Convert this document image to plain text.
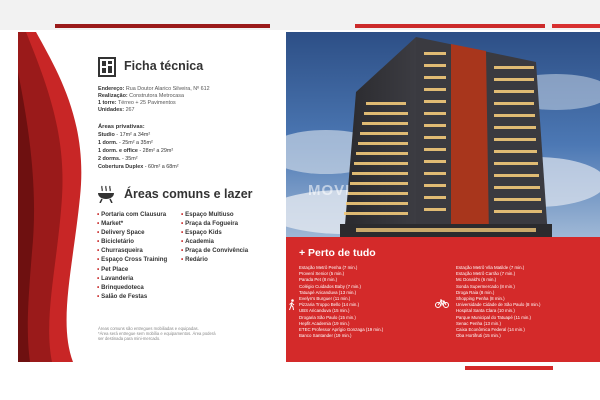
Ficha técnica
Endereço: Rua Doutor Alarico Silveira, Nº 612
Realização: Construtora Metrocasa
1 torre: Térreo + 25 Pavimentos
Unidades: 267
Áreas privativas:
Studio - 17m² a 34m²
1 dorm. - 25m² a 35m²
1 dorm. e office - 28m² a 29m²
2 dorms. - 35m²
Cobertura Duplex - 60m² a 68m²
Áreas comuns e lazer
• Portaria com Clausura
• Market*
• Delivery Space
• Bicicletário
• Churrasqueira
• Espaço Cross Training
• Pet Place
• Lavanderia
• Brinquedoteca
• Salão de Festas
• Espaço Multiuso
• Praça da Fogueira
• Espaço Kids
• Academia
• Praça de Convivência
• Redário
Áreas comuns são entregues mobiliadas e equipadas.
*Área será entregue sem mobília e equipamentos. Área poderá
ser destinada para mini-mercado.
MOVI
+ Perto de tudo
Estação Metrô Penha (7 min.)
Provení Senior (5 min.)
Parada Pet (8 min.)
Colégio Cuidados Baby (7 min.)
Tatuapé Aricanduva (13 min.)
Evelyn's Burguer (11 min.)
Pizzaria Troppo Bello (14 min.)
UBS Aricanduva (15 min.)
Drogaria São Paulo (15 min.)
Hepfit Academia (19 min.)
ETEC Professor Aprígio Gonzaga (19 min.)
Banco Santander (19 min.)
Estação Metrô Vila Matilde (7 min.)
Estação Metrô Carrão (7 min.)
Mc Donald's (6 min.)
Sonda Supermercado (8 min.)
Droga Raia (8 min.)
Shopping Penha (8 min.)
Universidade Cidade de São Paulo (8 min.)
Hospital Santa Clara (10 min.)
Parque Municipal do Tatuapé (11 min.)
Senac Penha (13 min.)
Caixa Econômica Federal (14 min.)
Oba Hortifruti (15 min.)
